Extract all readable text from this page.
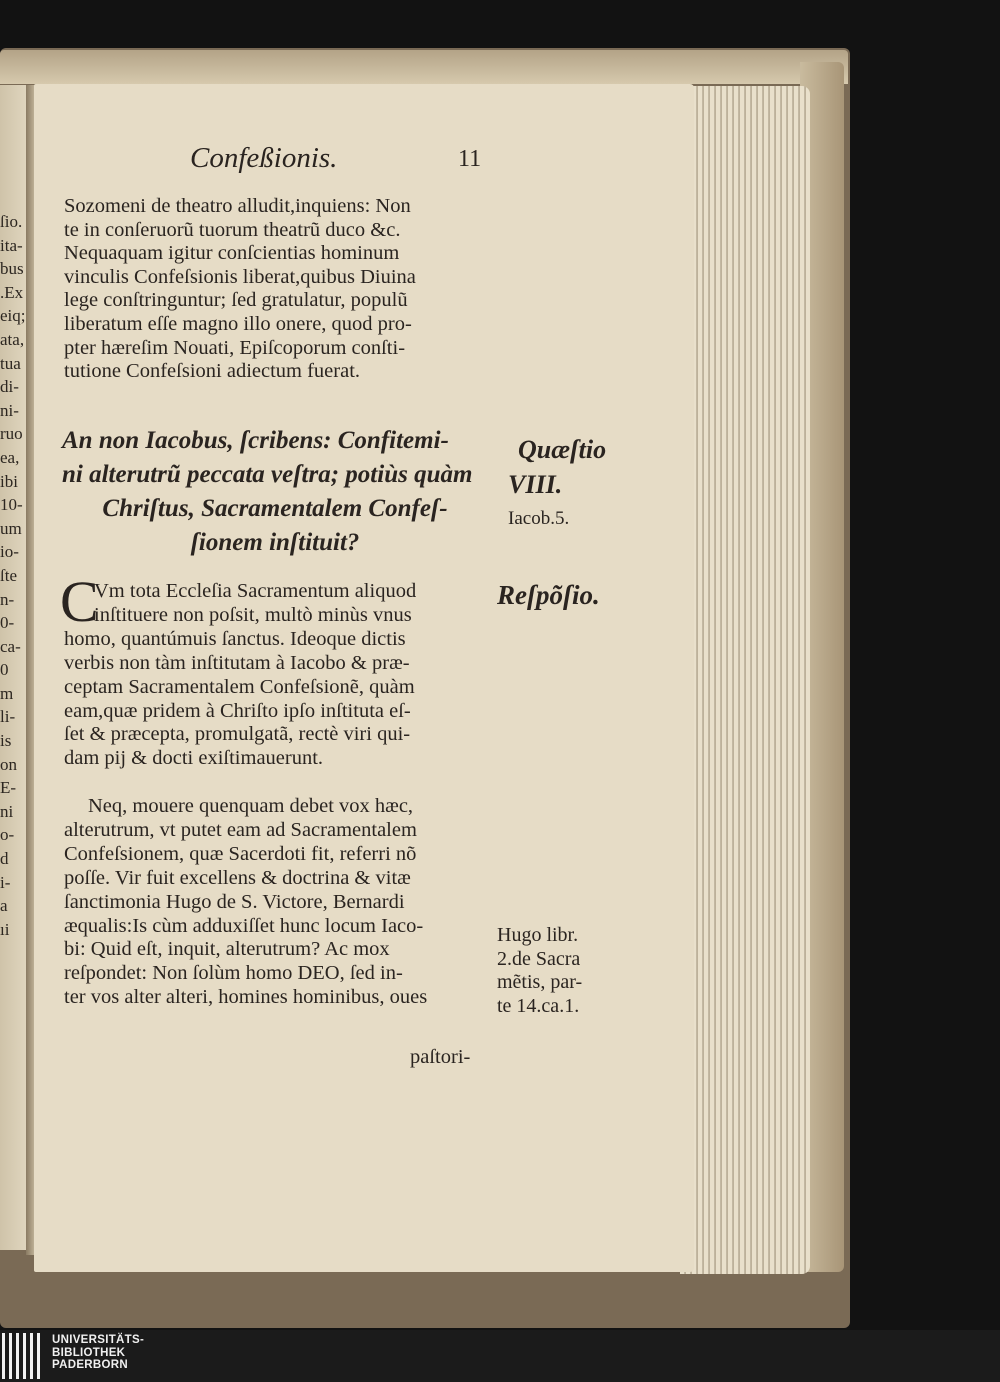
ſio.
ita-
bus
.Ex
eiq;
ata,
tua
di-
ni-
ruo
ea,
ibi
10-
um
io-
ſte
n-
0-
ca-
0
m
li-
is
on
E-
ni
o-
d
i-
a
ıi
Confeßionis.	11
Sozomeni de theatro alludit,inquiens: Non
te in conſeruorũ tuorum theatrũ duco &c.
Nequaquam igitur conſcientias hominum
vinculis Confeſsionis liberat,quibus Diuina
lege conſtringuntur; ſed gratulatur, populũ
liberatum eſſe magno illo onere, quod pro-
pter hæreſim Nouati, Epiſcoporum conſti-
tutione Confeſsioni adiectum fuerat.
An non Iacobus, ſcribens: Confitemi-
ni alterutrũ peccata veſtra; potiùs quàm
Chriſtus, Sacramentalem Confeſ-
ſionem inſtituit?
C
Vm tota Eccleſia Sacramentum aliquod
inſtituere non poſsit, multò minùs vnus
homo, quantúmuis ſanctus. Ideoque dictis
verbis non tàm inſtitutam à Iacobo & præ-
ceptam Sacramentalem Confeſsionẽ, quàm
eam,quæ pridem à Chriſto ipſo inſtituta eſ-
ſet & præcepta, promulgatã, rectè viri qui-
dam pij & docti exiſtimauerunt.
Neq, mouere quenquam debet vox hæc,
alterutrum, vt putet eam ad Sacramentalem
Confeſsionem, quæ Sacerdoti fit, referri nõ
poſſe. Vir fuit excellens & doctrina & vitæ
ſanctimonia Hugo de S. Victore, Bernardi
æqualis:Is cùm adduxiſſet hunc locum Iaco-
bi: Quid eſt, inquit, alterutrum? Ac mox
reſpondet: Non ſolùm homo DEO, ſed in-
ter vos alter alteri, homines hominibus, oues
paſtori-
Quæſtio
VIII.
Iacob.5.
Reſpõſio.
Hugo libr.
2.de Sacra
mẽtis, par-
te 14.ca.1.
UNIVERSITÄTS-
BIBLIOTHEK
PADERBORN
